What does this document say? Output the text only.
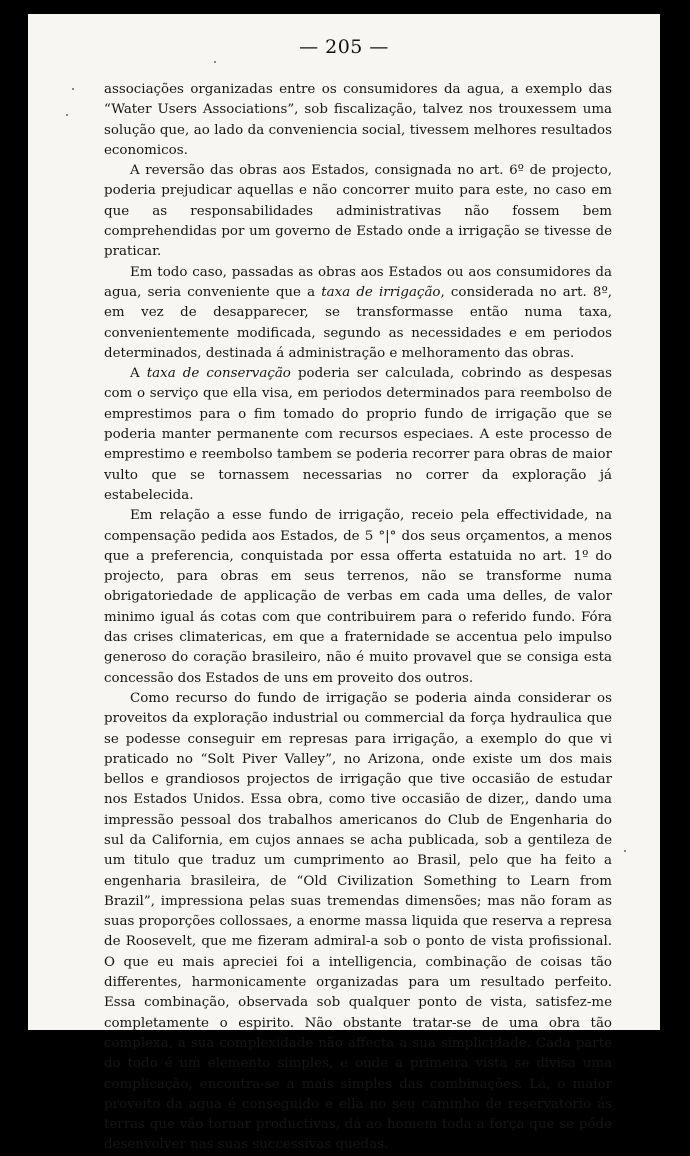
— 205 —

associações organizadas entre os consumidores da agua, a exemplo das “Water Users Associations”, sob fiscalização, talvez nos trouxessem uma solução que, ao lado da conveniencia social, tivessem melhores resultados economicos.

A reversão das obras aos Estados, consignada no art. 6º de projecto, poderia prejudicar aquellas e não concorrer muito para este, no caso em que as responsabilidades administrativas não fossem bem comprehendidas por um governo de Estado onde a irrigação se tivesse de praticar.

Em todo caso, passadas as obras aos Estados ou aos consumidores da agua, seria conveniente que a taxa de irrigação, considerada no art. 8º, em vez de desapparecer, se transformasse então numa taxa, convenientemente modificada, segundo as necessidades e em periodos determinados, destinada á administração e melhoramento das obras.

A taxa de conservação poderia ser calculada, cobrindo as despesas com o serviço que ella visa, em periodos determinados para reembolso de emprestimos para o fim tomado do proprio fundo de irrigação que se poderia manter permanente com recursos especiaes. A este processo de emprestimo e reembolso tambem se poderia recorrer para obras de maior vulto que se tornassem necessarias no correr da exploração já estabelecida.

Em relação a esse fundo de irrigação, receio pela effectividade, na compensação pedida aos Estados, de 5 °|° dos seus orçamentos, a menos que a preferencia, conquistada por essa offerta estatuida no art. 1º do projecto, para obras em seus terrenos, não se transforme numa obrigatoriedade de applicação de verbas em cada uma delles, de valor minimo igual ás cotas com que contribuirem para o referido fundo. Fóra das crises climatericas, em que a fraternidade se accentua pelo impulso generoso do coração brasileiro, não é muito provavel que se consiga esta concessão dos Estados de uns em proveito dos outros.

Como recurso do fundo de irrigação se poderia ainda considerar os proveitos da exploração industrial ou commercial da força hydraulica que se podesse conseguir em represas para irrigação, a exemplo do que vi praticado no “Solt Piver Valley”, no Arizona, onde existe um dos mais bellos e grandiosos projectos de irrigação que tive occasião de estudar nos Estados Unidos. Essa obra, como tive occasião de dizer,, dando uma impressão pessoal dos trabalhos americanos do Club de Engenharia do sul da California, em cujos annaes se acha publicada, sob a gentileza de um titulo que traduz um cumprimento ao Brasil, pelo que ha feito a engenharia brasileira, de “Old Civilization Something to Learn from Brazil”, impressiona pelas suas tremendas dimensões; mas não foram as suas proporções collossaes, a enorme massa liquida que reserva a represa de Roosevelt, que me fizeram admiral-a sob o ponto de vista profissional. O que eu mais apreciei foi a intelligencia, combinação de coisas tão differentes, harmonicamente organizadas para um resultado perfeito. Essa combinação, observada sob qualquer ponto de vista, satisfez-me completamente o espirito. Não obstante tratar-se de uma obra tão complexa, a sua complexidade não affecta a sua simplicidade. Cada parte do todo é um elemento simples, e onde a primeira vista se divisa uma complicação, encontra-se a mais simples das combinações. Lá, o maior proveito da agua é conseguido e ella no seu caminho de reservatorio ás terras que vão tornar productivas, dá ao homem toda a força que se póde desenvolver nas suas successivas quedas.
